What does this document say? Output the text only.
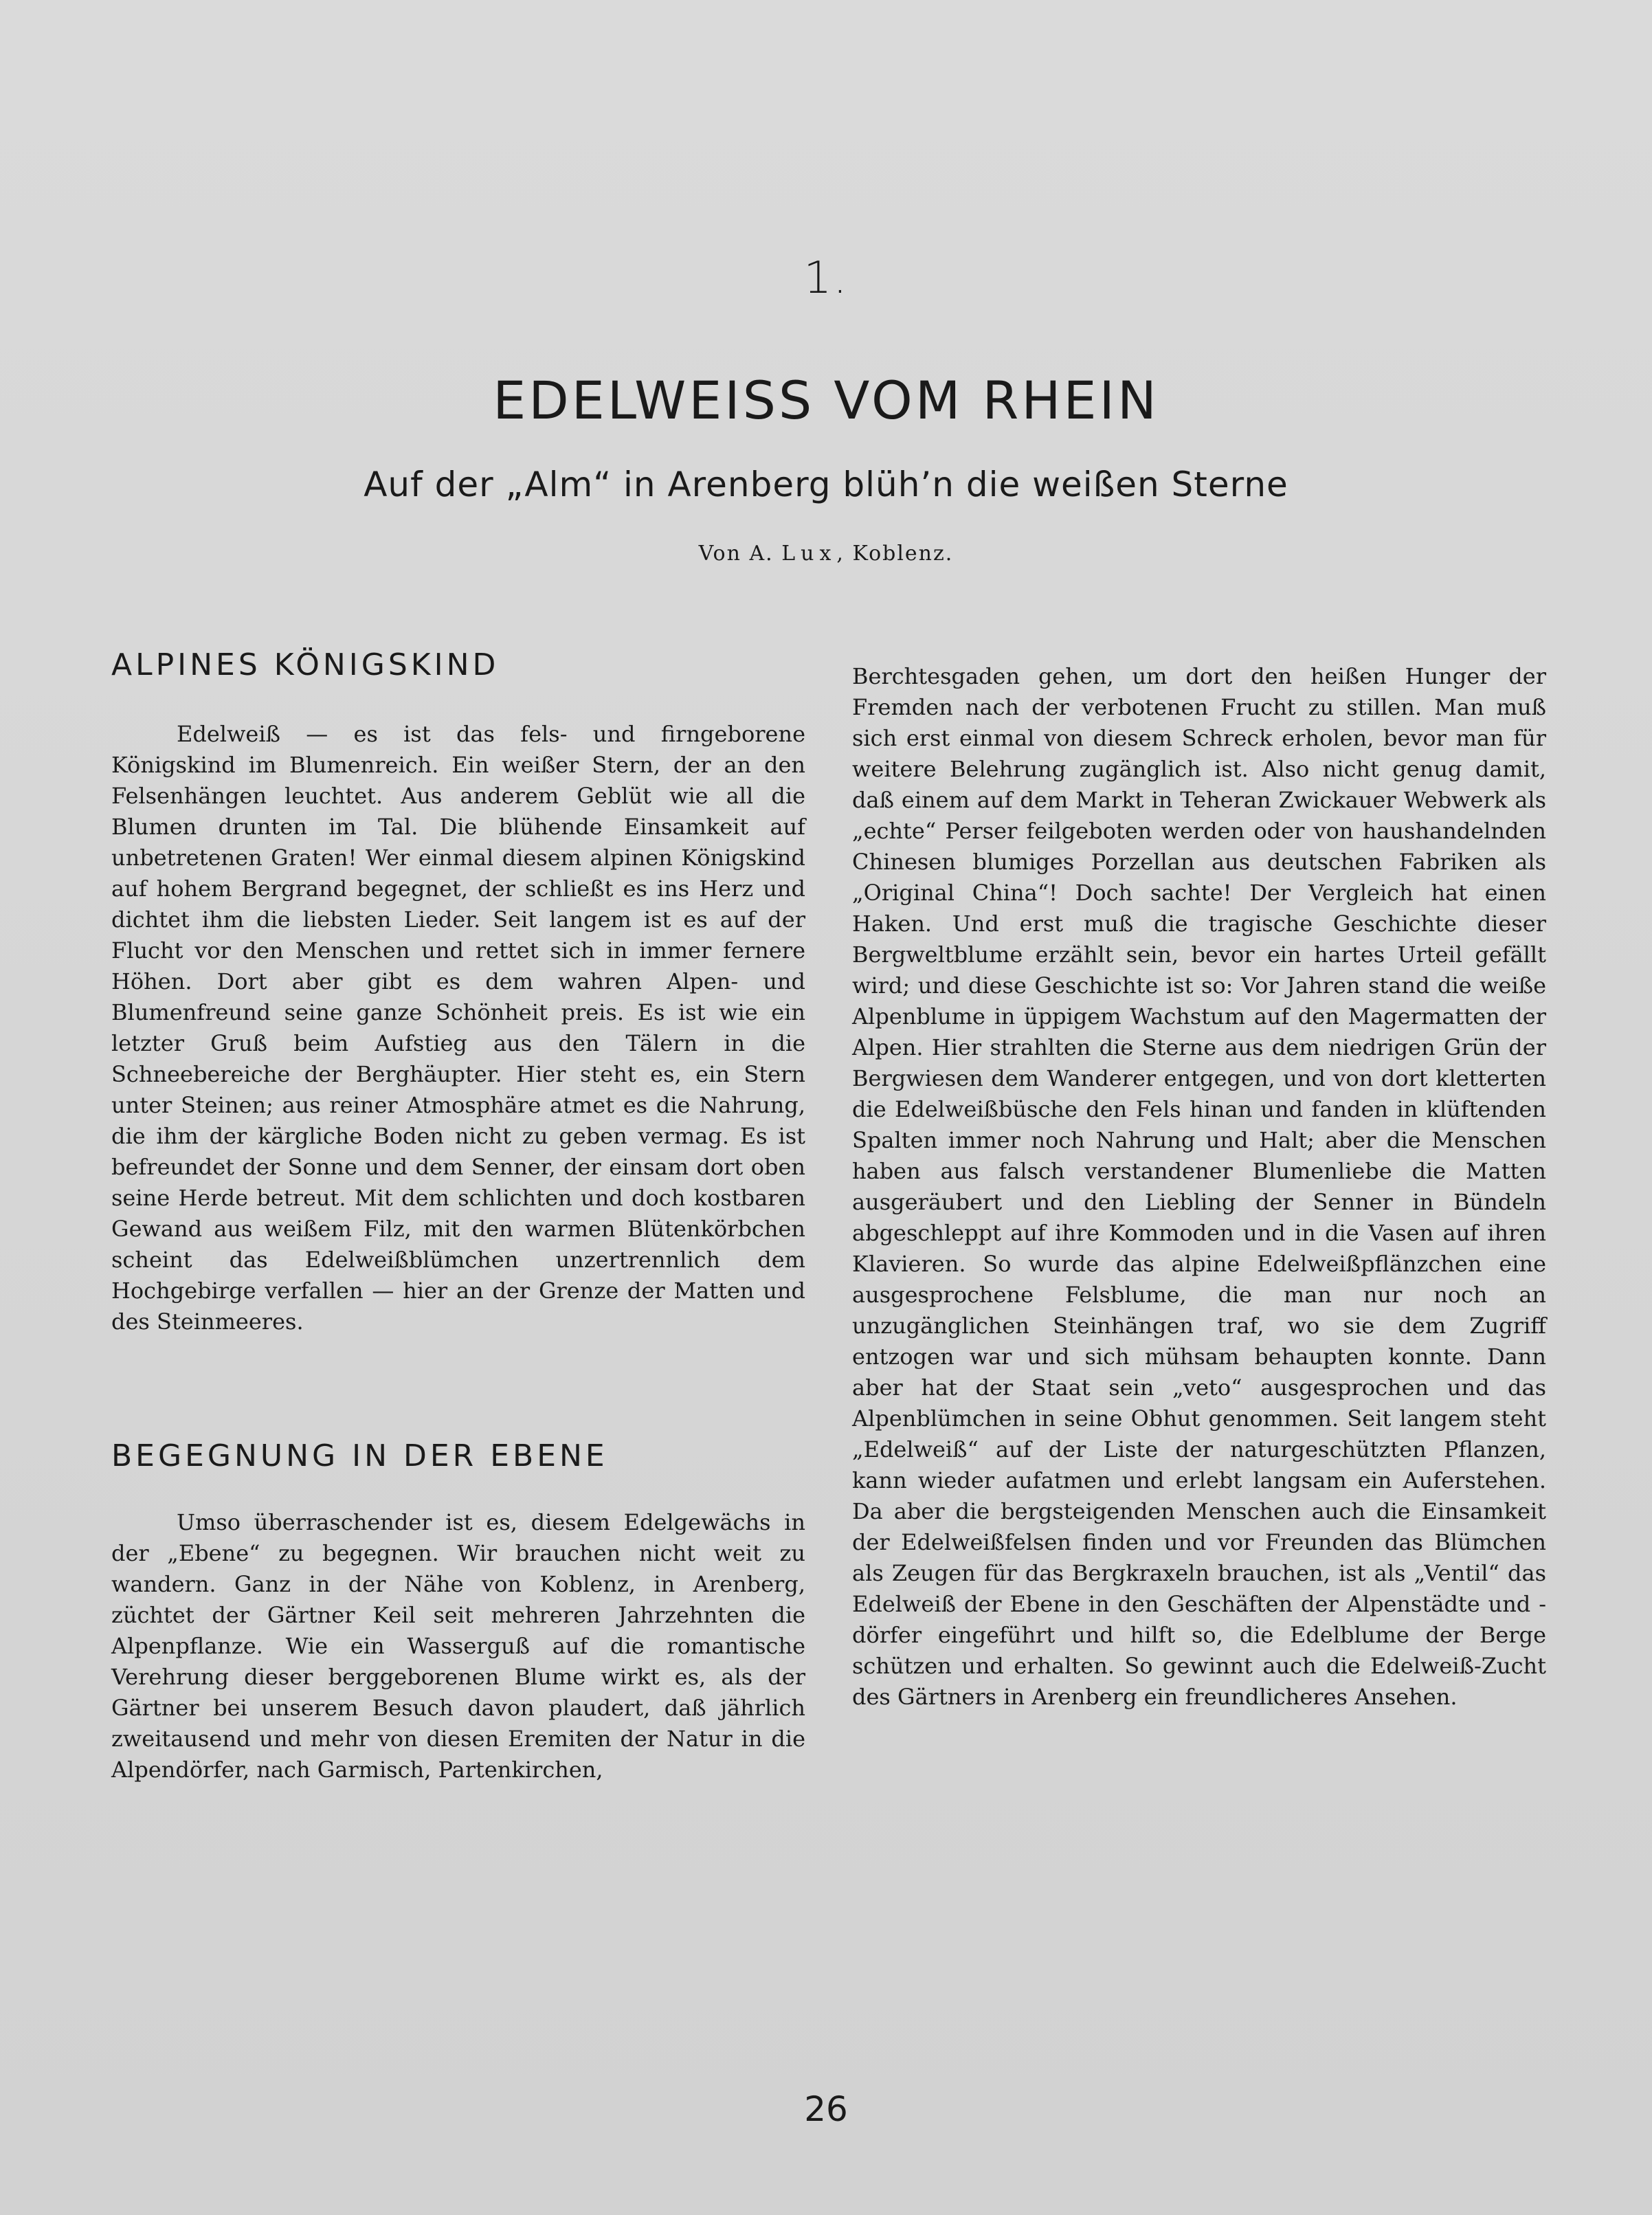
1.
EDELWEISS VOM RHEIN
Auf der „Alm“ in Arenberg blüh’n die weißen Sterne
Von A. Lux, Koblenz.
ALPINES KÖNIGSKIND
Edelweiß — es ist das fels- und firngeborene Königskind im Blumenreich. Ein weißer Stern, der an den Felsenhängen leuchtet. Aus anderem Geblüt wie all die Blumen drunten im Tal. Die blühende Einsamkeit auf unbetretenen Graten! Wer einmal diesem alpinen Königskind auf hohem Bergrand begegnet, der schließt es ins Herz und dichtet ihm die liebsten Lieder. Seit langem ist es auf der Flucht vor den Menschen und rettet sich in immer fernere Höhen. Dort aber gibt es dem wahren Alpen- und Blumenfreund seine ganze Schönheit preis. Es ist wie ein letzter Gruß beim Aufstieg aus den Tälern in die Schneebereiche der Berghäupter. Hier steht es, ein Stern unter Steinen; aus reiner Atmosphäre atmet es die Nahrung, die ihm der kärgliche Boden nicht zu geben vermag. Es ist befreundet der Sonne und dem Senner, der einsam dort oben seine Herde betreut. Mit dem schlichten und doch kostbaren Gewand aus weißem Filz, mit den warmen Blütenkörbchen scheint das Edelweißblümchen unzertrennlich dem Hochgebirge verfallen — hier an der Grenze der Matten und des Steinmeeres.
BEGEGNUNG IN DER EBENE
Umso überraschender ist es, diesem Edelgewächs in der „Ebene“ zu begegnen. Wir brauchen nicht weit zu wandern. Ganz in der Nähe von Koblenz, in Arenberg, züchtet der Gärtner Keil seit mehreren Jahrzehnten die Alpenpflanze. Wie ein Wasserguß auf die romantische Verehrung dieser berggeborenen Blume wirkt es, als der Gärtner bei unserem Besuch davon plaudert, daß jährlich zweitausend und mehr von diesen Eremiten der Natur in die Alpendörfer, nach Garmisch, Partenkirchen,
Berchtesgaden gehen, um dort den heißen Hunger der Fremden nach der verbotenen Frucht zu stillen. Man muß sich erst einmal von diesem Schreck erholen, bevor man für weitere Belehrung zugänglich ist. Also nicht genug damit, daß einem auf dem Markt in Teheran Zwickauer Webwerk als „echte“ Perser feilgeboten werden oder von haushandelnden Chinesen blumiges Porzellan aus deutschen Fabriken als „Original China“! Doch sachte! Der Vergleich hat einen Haken. Und erst muß die tragische Geschichte dieser Bergweltblume erzählt sein, bevor ein hartes Urteil gefällt wird; und diese Geschichte ist so: Vor Jahren stand die weiße Alpenblume in üppigem Wachstum auf den Magermatten der Alpen. Hier strahlten die Sterne aus dem niedrigen Grün der Bergwiesen dem Wanderer entgegen, und von dort kletterten die Edelweißbüsche den Fels hinan und fanden in klüftenden Spalten immer noch Nahrung und Halt; aber die Menschen haben aus falsch verstandener Blumenliebe die Matten ausgeräubert und den Liebling der Senner in Bündeln abgeschleppt auf ihre Kommoden und in die Vasen auf ihren Klavieren. So wurde das alpine Edelweißpflänzchen eine ausgesprochene Felsblume, die man nur noch an unzugänglichen Steinhängen traf, wo sie dem Zugriff entzogen war und sich mühsam behaupten konnte. Dann aber hat der Staat sein „veto“ ausgesprochen und das Alpenblümchen in seine Obhut genommen. Seit langem steht „Edelweiß“ auf der Liste der naturgeschützten Pflanzen, kann wieder aufatmen und erlebt langsam ein Auferstehen. Da aber die bergsteigenden Menschen auch die Einsamkeit der Edelweißfelsen finden und vor Freunden das Blümchen als Zeugen für das Bergkraxeln brauchen, ist als „Ventil“ das Edelweiß der Ebene in den Geschäften der Alpenstädte und -dörfer eingeführt und hilft so, die Edelblume der Berge schützen und erhalten. So gewinnt auch die Edelweiß-Zucht des Gärtners in Arenberg ein freundlicheres Ansehen.
26
